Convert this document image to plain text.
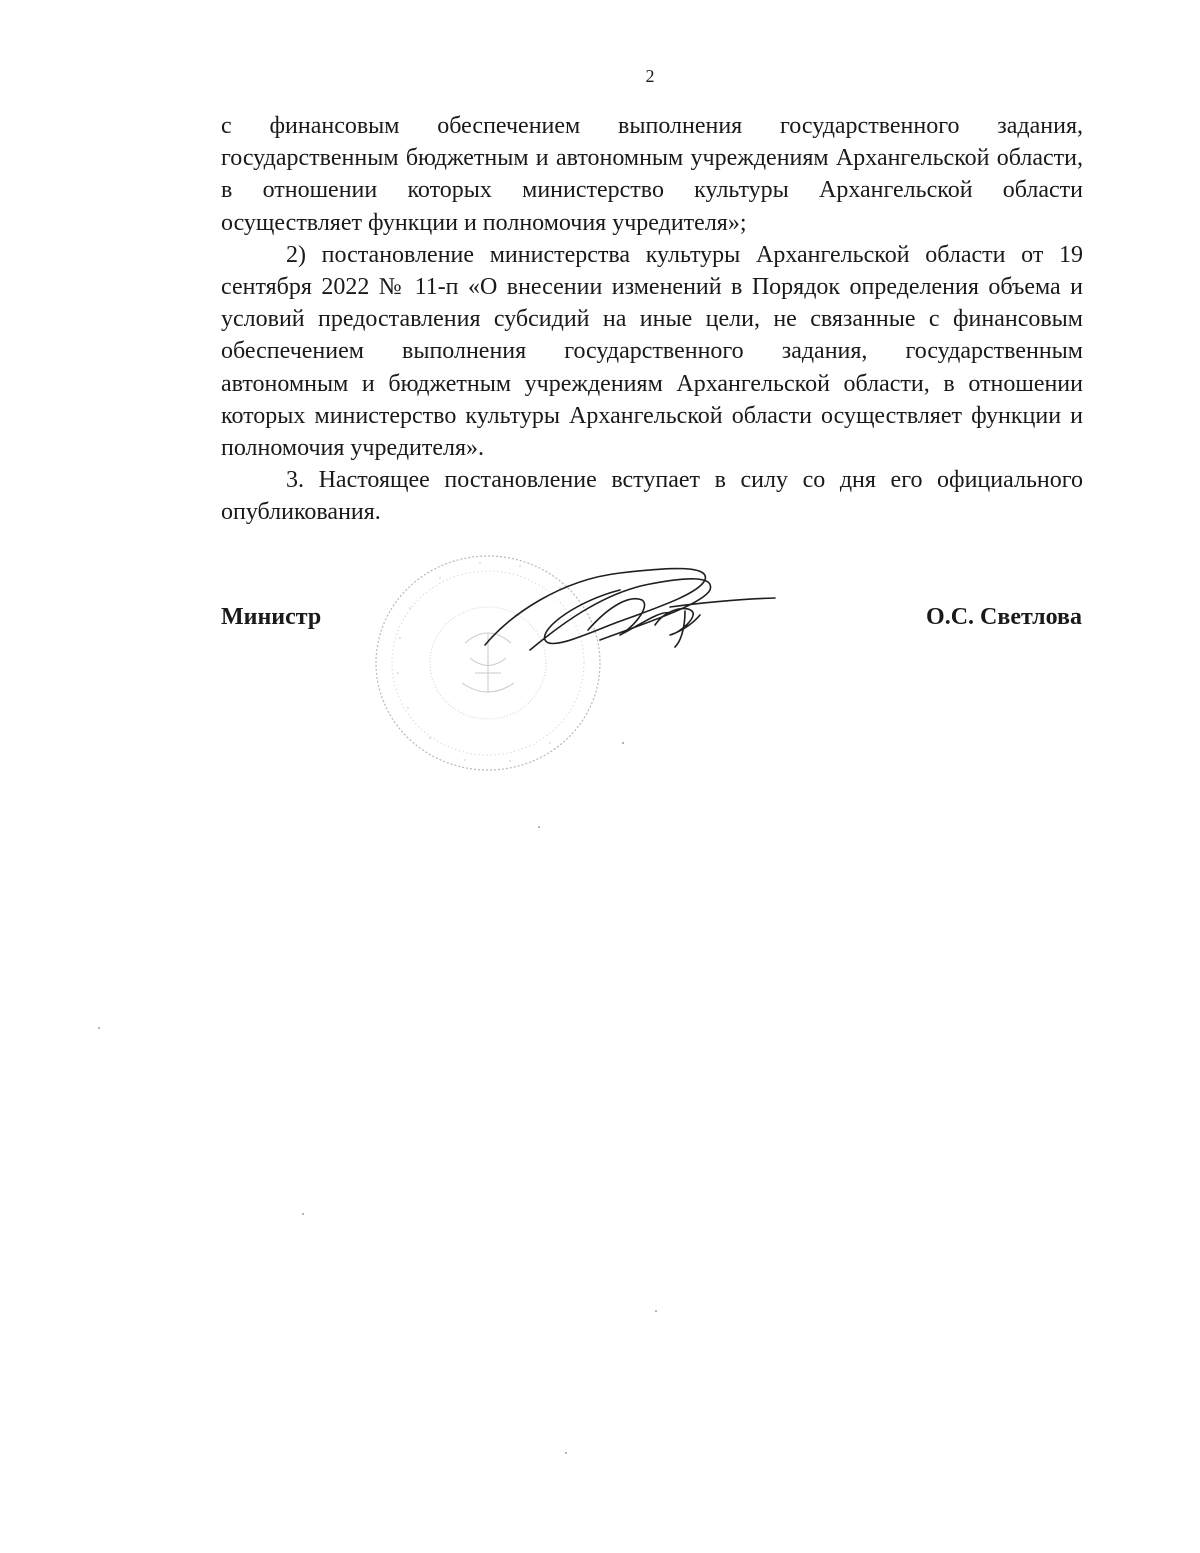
2

с финансовым обеспечением выполнения государственного задания, государственным бюджетным и автономным учреждениям Архангельской области, в отношении которых министерство культуры Архангельской области осуществляет функции и полномочия учредителя»;

2) постановление министерства культуры Архангельской области от 19 сентября 2022 № 11-п «О внесении изменений в Порядок определения объема и условий предоставления субсидий на иные цели, не связанные с финансовым обеспечением выполнения государственного задания, государственным автономным и бюджетным учреждениям Архангельской области, в отношении которых министерство культуры Архангельской области осуществляет функции и полномочия учредителя».

3. Настоящее постановление вступает в силу со дня его официального опубликования.

Министр	О.С. Светлова
